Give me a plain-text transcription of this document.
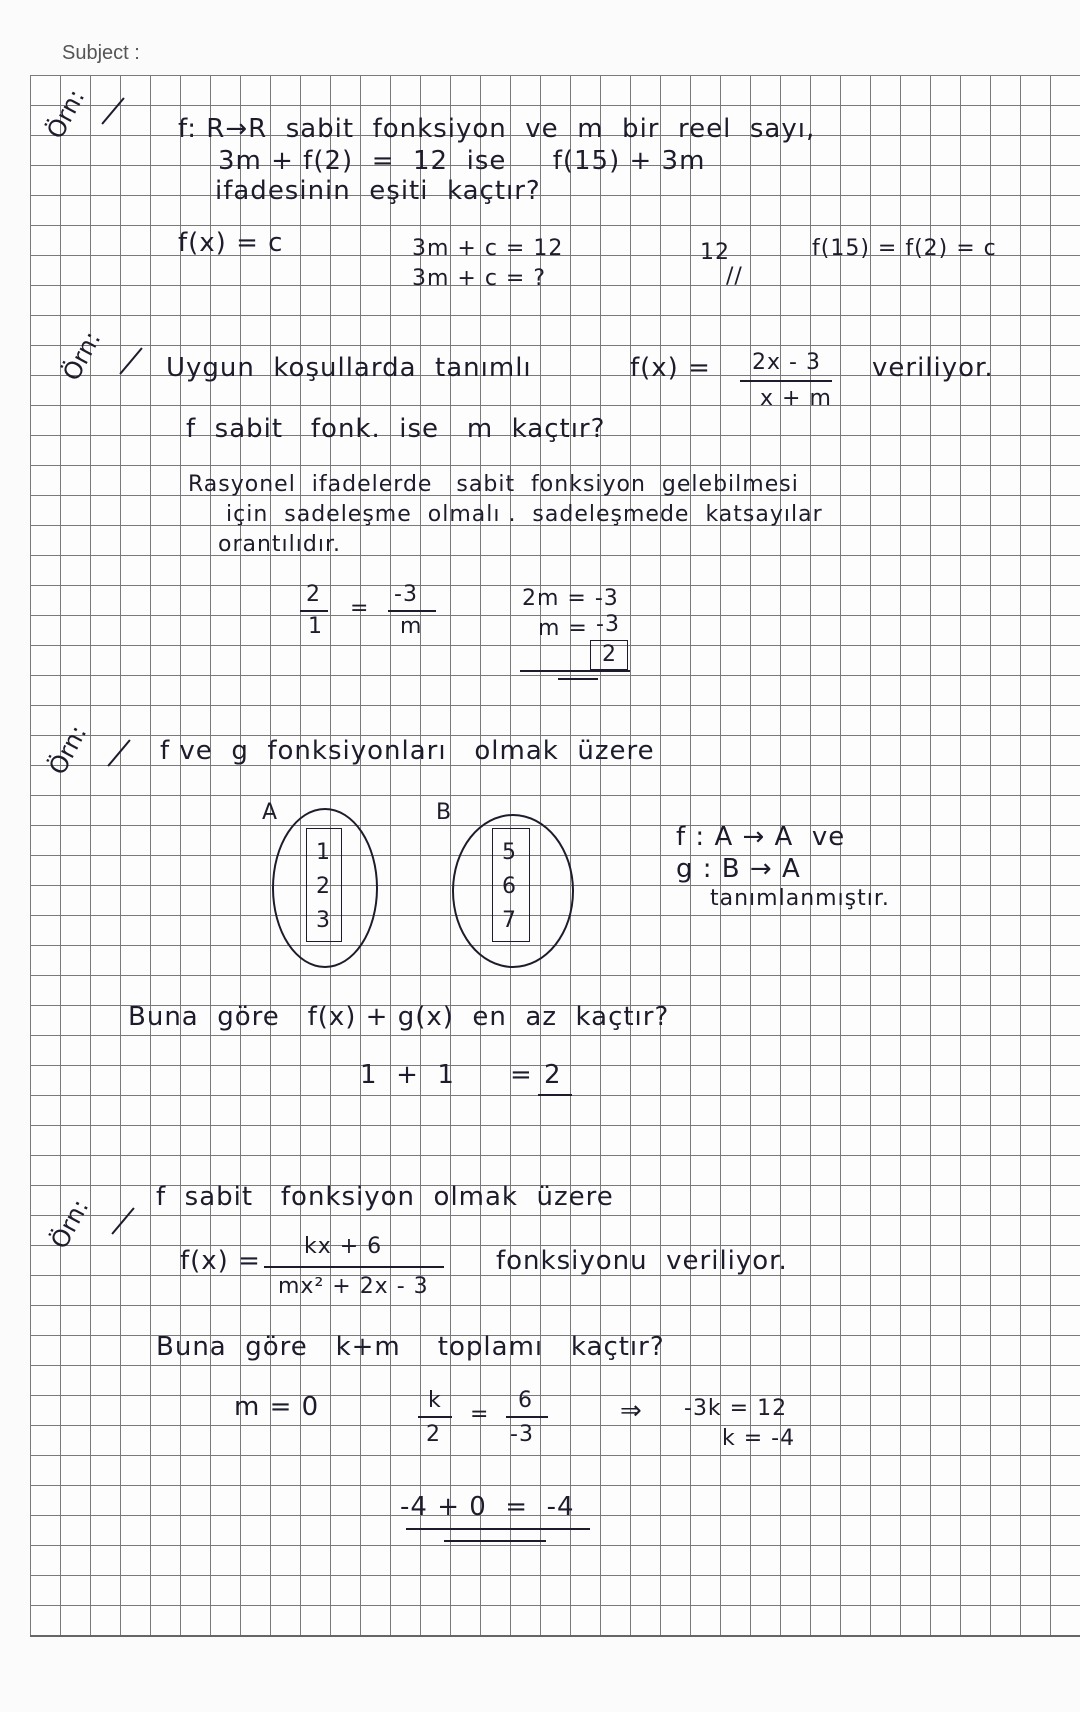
Subject :
Örn:	f: R→R  sabit  fonksiyon  ve  m  bir  reel  sayı,
3m + f(2)  =  12  ise     f(15) + 3m
ifadesinin  eşiti  kaçtır?
f(x) = c	3m + c = 12
3m + c = ?
12
//
f(15) = f(2) = c
Örn: Uygun  koşullarda  tanımlı	f(x) = 2x - 3
x + m
veriliyor.
f  sabit   fonk.  ise   m  kaçtır?
Rasyonel  ifadelerde   sabit  fonksiyon  gelebilmesi
için  sadeleşme  olmalı .  sadeleşmede  katsayılar
orantılıdır.
2
1
=
-3
m
2m = -3
m = -3
2
Örn:	f ve  g  fonksiyonları   olmak  üzere
A
1
2
3
B
5
6
7
f : A → A  ve
g : B → A
tanımlanmıştır.
Buna  göre   f(x) + g(x)  en  az  kaçtır?
1  +  1 = 2
Örn: f  sabit   fonksiyon  olmak  üzere
f(x) = kx + 6
mx² + 2x - 3
fonksiyonu  veriliyor.
Buna  göre   k+m    toplamı   kaçtır?
m = 0	k
2
=
6
-3
⇒ -3k = 12
k = -4
-4 + 0  =  -4
